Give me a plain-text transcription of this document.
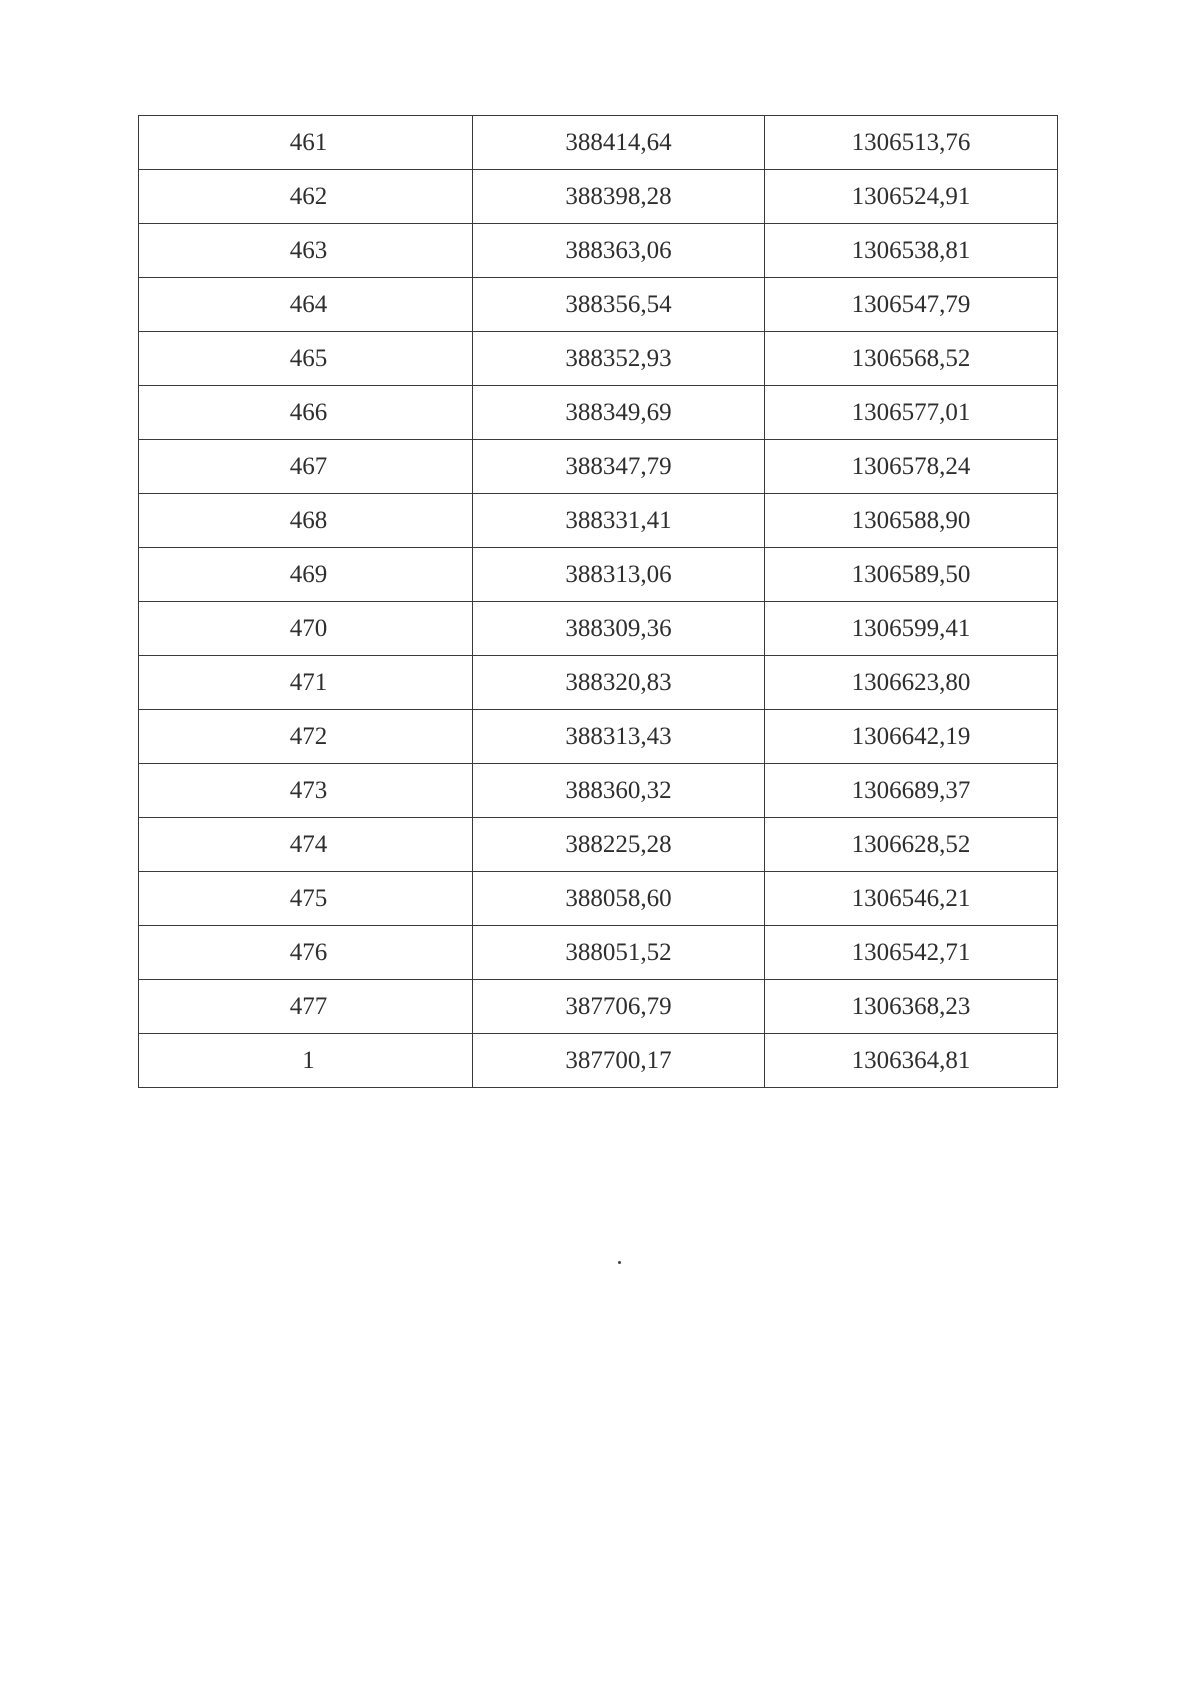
461	388414,64	1306513,76
462	388398,28	1306524,91
463	388363,06	1306538,81
464	388356,54	1306547,79
465	388352,93	1306568,52
466	388349,69	1306577,01
467	388347,79	1306578,24
468	388331,41	1306588,90
469	388313,06	1306589,50
470	388309,36	1306599,41
471	388320,83	1306623,80
472	388313,43	1306642,19
473	388360,32	1306689,37
474	388225,28	1306628,52
475	388058,60	1306546,21
476	388051,52	1306542,71
477	387706,79	1306368,23
1	387700,17	1306364,81
